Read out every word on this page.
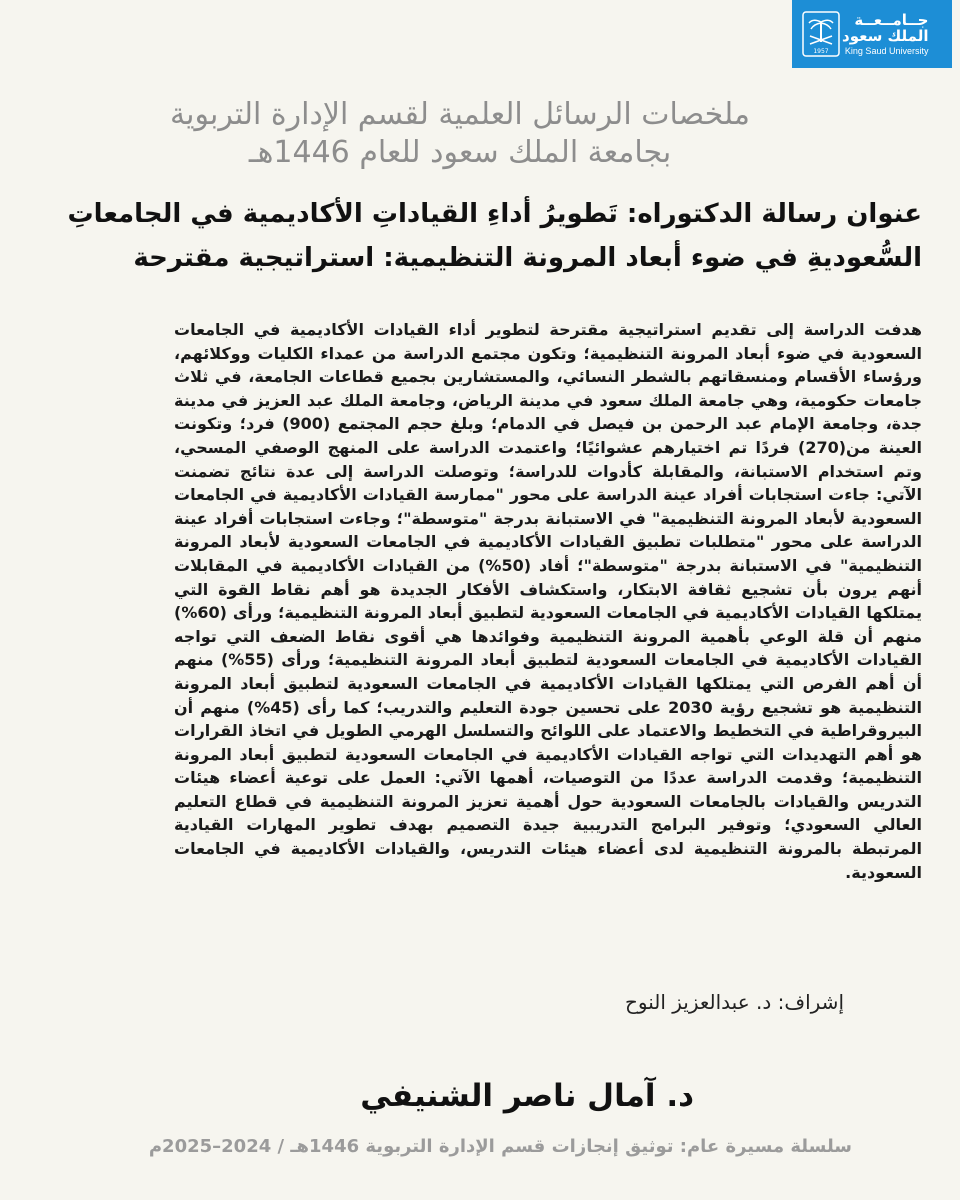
جــامــعــة
الملك سعود
King Saud University
1957
ملخصات الرسائل العلمية لقسم الإدارة التربوية
بجامعة الملك سعود للعام 1446هـ
عنوان رسالة الدكتوراه: تَطويرُ أداءِ القياداتِ الأكاديمية في الجامعاتِ
السُّعوديةِ في ضوء أبعاد المرونة التنظيمية: استراتيجية مقترحة
هدفت الدراسة إلى تقديم استراتيجية مقترحة لتطوير أداء القيادات الأكاديمية في الجامعات السعودية في ضوء أبعاد المرونة التنظيمية؛ وتكون مجتمع الدراسة من عمداء الكليات ووكلائهم، ورؤساء الأقسام ومنسقاتهم بالشطر النسائي، والمستشارين بجميع قطاعات الجامعة، في ثلاث جامعات حكومية، وهي جامعة الملك سعود في مدينة الرياض، وجامعة الملك عبد العزيز في مدينة جدة، وجامعة الإمام عبد الرحمن بن فيصل في الدمام؛ وبلغ حجم المجتمع (900) فرد؛ وتكونت العينة من(270) فردًا تم اختيارهم عشوائيًا؛ واعتمدت الدراسة على المنهج الوصفي المسحي، وتم استخدام الاستبانة، والمقابلة كأدوات للدراسة؛ وتوصلت الدراسة إلى عدة نتائج تضمنت الآتي: جاءت استجابات أفراد عينة الدراسة على محور "ممارسة القيادات الأكاديمية في الجامعات السعودية لأبعاد المرونة التنظيمية" في الاستبانة بدرجة "متوسطة"؛ وجاءت استجابات أفراد عينة الدراسة على محور "متطلبات تطبيق القيادات الأكاديمية في الجامعات السعودية لأبعاد المرونة التنظيمية" في الاستبانة بدرجة "متوسطة"؛ أفاد (50%) من القيادات الأكاديمية في المقابلات أنهم يرون بأن تشجيع ثقافة الابتكار، واستكشاف الأفكار الجديدة هو أهم نقاط القوة التي يمتلكها القيادات الأكاديمية في الجامعات السعودية لتطبيق أبعاد المرونة التنظيمية؛ ورأى (60%) منهم أن قلة الوعي بأهمية المرونة التنظيمية وفوائدها هي أقوى نقاط الضعف التي تواجه القيادات الأكاديمية في الجامعات السعودية لتطبيق أبعاد المرونة التنظيمية؛ ورأى (55%) منهم أن أهم الفرص التي يمتلكها القيادات الأكاديمية في الجامعات السعودية لتطبيق أبعاد المرونة التنظيمية هو تشجيع رؤية 2030 على تحسين جودة التعليم والتدريب؛ كما رأى (45%) منهم أن البيروقراطية في التخطيط والاعتماد على اللوائح والتسلسل الهرمي الطويل في اتخاذ القرارات هو أهم التهديدات التي تواجه القيادات الأكاديمية في الجامعات السعودية لتطبيق أبعاد المرونة التنظيمية؛ وقدمت الدراسة عددًا من التوصيات، أهمها الآتي: العمل على توعية أعضاء هيئات التدريس والقيادات بالجامعات السعودية حول أهمية تعزيز المرونة التنظيمية في قطاع التعليم العالي السعودي؛ وتوفير البرامج التدريبية جيدة التصميم بهدف تطوير المهارات القيادية المرتبطة بالمرونة التنظيمية لدى أعضاء هيئات التدريس، والقيادات الأكاديمية في الجامعات السعودية.
إشراف: د. عبدالعزيز النوح
د. آمال ناصر الشنيفي
سلسلة مسيرة عام: توثيق إنجازات قسم الإدارة التربوية 1446هـ / 2024–2025م
